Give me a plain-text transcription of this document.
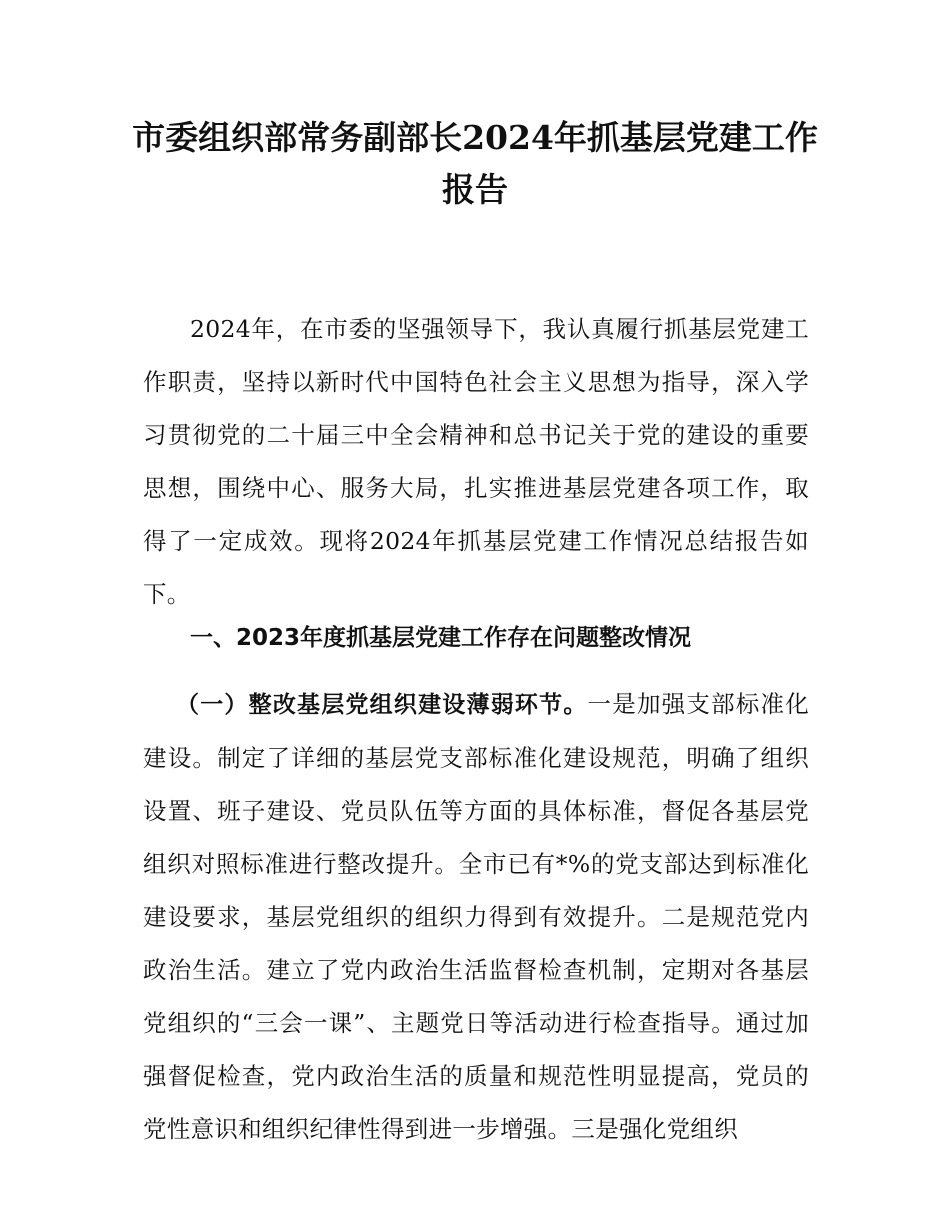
市委组织部常务副部长2024年抓基层党建工作报告

2024年，在市委的坚强领导下，我认真履行抓基层党建工作职责，坚持以新时代中国特色社会主义思想为指导，深入学习贯彻党的二十届三中全会精神和总书记关于党的建设的重要思想，围绕中心、服务大局，扎实推进基层党建各项工作，取得了一定成效。现将2024年抓基层党建工作情况总结报告如下。

一、2023年度抓基层党建工作存在问题整改情况

（一）整改基层党组织建设薄弱环节。一是加强支部标准化建设。制定了详细的基层党支部标准化建设规范，明确了组织设置、班子建设、党员队伍等方面的具体标准，督促各基层党组织对照标准进行整改提升。全市已有*%的党支部达到标准化建设要求，基层党组织的组织力得到有效提升。二是规范党内政治生活。建立了党内政治生活监督检查机制，定期对各基层党组织的“三会一课”、主题党日等活动进行检查指导。通过加强督促检查，党内政治生活的质量和规范性明显提高，党员的党性意识和组织纪律性得到进一步增强。三是强化党组织
